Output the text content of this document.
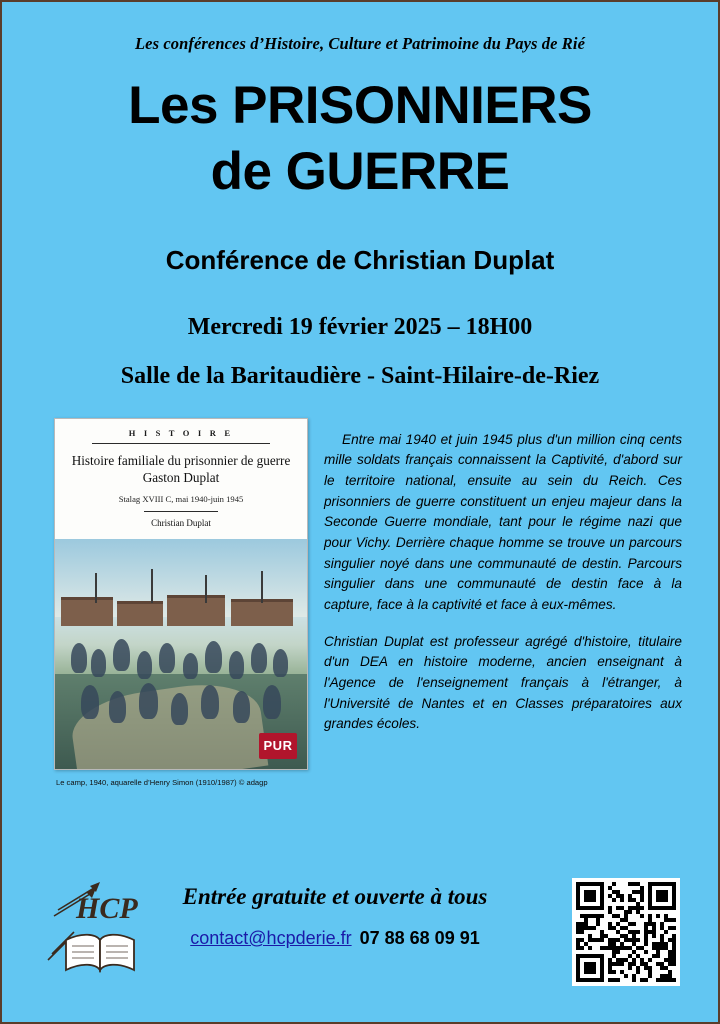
Les conférences d’Histoire, Culture et Patrimoine du Pays de Rié
Les PRISONNIERS
de GUERRE
Conférence de Christian Duplat
Mercredi 19 février 2025 – 18H00
Salle de la Baritaudière - Saint-Hilaire-de-Riez
H I S T O I R E
Histoire familiale du prisonnier de guerre Gaston Duplat
Stalag XVIII C, mai 1940-juin 1945
Christian Duplat
PUR
Le camp, 1940, aquarelle d’Henry Simon (1910/1987) © adagp

Entre mai 1940 et juin 1945 plus d'un million cinq cents mille soldats français connaissent la Captivité, d'abord sur le territoire national, ensuite au sein du Reich. Ces prisonniers de guerre constituent un enjeu majeur dans la Seconde Guerre mondiale, tant pour le régime nazi que pour Vichy. Derrière chaque homme se trouve un parcours singulier noyé dans une communauté de destin. Parcours singulier dans une communauté de destin face à la capture, face à la captivité et face à eux-mêmes.

Christian Duplat est professeur agrégé d'histoire, titulaire d'un DEA en histoire moderne, ancien enseignant à l'Agence de l'enseignement français à l'étranger, à l'Université de Nantes et en Classes préparatoires aux grandes écoles.

HCP	Entrée gratuite et ouverte à tous
contact@hcpderie.fr 07 88 68 09 91
